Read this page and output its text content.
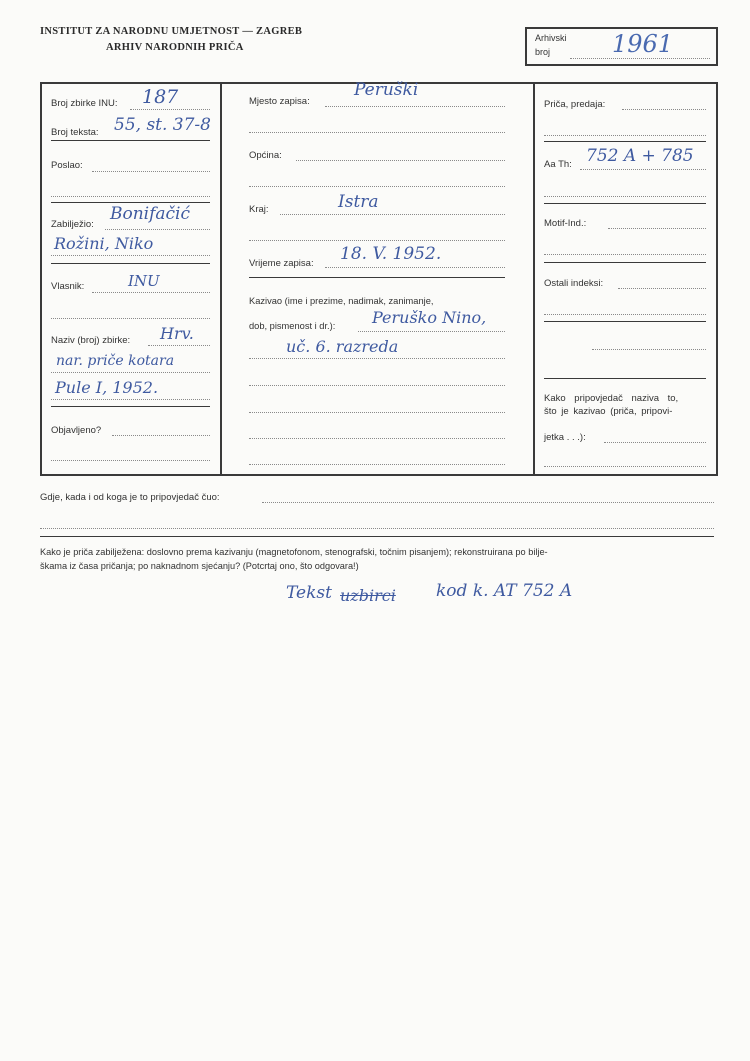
INSTITUT ZA NARODNU UMJETNOST — ZAGREB
ARHIV NARODNIH PRIČA
Arhivski
broj	1961
Broj zbirke INU: 187
Broj teksta: 55, st. 37-8
Poslao:
Zabilježio:
Bonifačić
Rožini, Niko
Vlasnik:	INU
Naziv (broj) zbirke: Hrv.
nar. priče kotara
Pule I, 1952.
Objavljeno?
Mjesto zapisa:
Peruški
Općina:
Kraj:	Istra
Vrijeme zapisa: 18. V. 1952.
Kazivao (ime i prezime, nadimak, zanimanje,
dob, pismenost i dr.): Peruško Nino,
uč. 6. razreda
Priča, predaja:
Aa Th: 752 A + 785
Motif-Ind.:
Ostali indeksi:
Kako pripovjedač naziva to,
što je kazivao (priča, pripovi-
jetka . . .):
Gdje, kada i od koga je to pripovjedač čuo:
Kako je priča zabilježena: doslovno prema kazivanju (magnetofonom, stenografski, točnim pisanjem); rekonstruirana po bilje-
škama iz časa pričanja; po naknadnom sjećanju? (Potcrtaj ono, što odgovara!)
Tekst uzbirci kod k. AT 752 A
